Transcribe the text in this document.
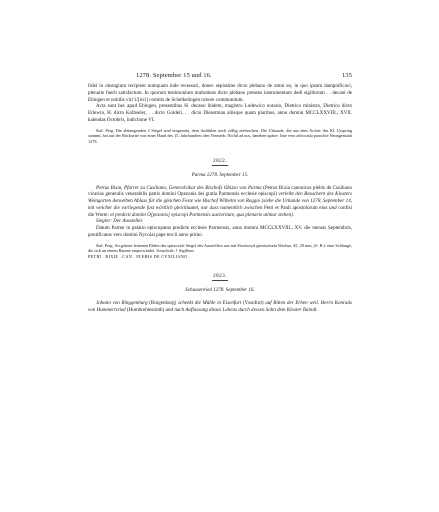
1278. September 15 und 16.	135

fidei in obstagium recipient numquam inde recessuri, donec sepissime dicto plebano de omni eo, in quo ipsum dampnificavi, plenarie fuerit satisfactum. In quorum testimonium multotiens dicto plebano presens instrumentum dedi sigillorum . . decani de Ebingen et nobilis viri U[rici] comitis de Schelkelingen robore communitum.

Acta sunt hec apud Ebingen, presentibus H. decano ibidem, magistro Lodewico notario, Dietrico ministro, Dietrico dicto Erlewin, H. dicto Kolbseler, . . dicto Goldeli, . . dicto Dienstman aliisque quam pluribus, anno domini MCCLXXVIII., XVII. kalendas Octobris, indictione VI.

Stal. Perg. Die abhangenden 2 Siegel sind eingenaht, dem Anfühlen nach völlig zerbrochen. Die Urkunde, die aus dem Archiv des Kl. Urspring stammt, hat auf der Rückseite von einer Hand des 15. Jahrhunderts den Vermerk: Nichil ad nos, daneben später: Ime vero advocatia parochie Neungenstatt 1278.

2822.

Parma 1278. September 15.

Petrus Bixia, Pfarrer zu Cusiliano, Generalvikar des Bischofs Obizzo von Parma (Petrus Bixia canonicus plebis de Cusiliano vicarius generalis venerabilis patris domini Opezonis dei gratia Parmensis ecclesie episcopi) verleiht den Besuchern des Klosters Weingarten denselben Ablass für die gleichen Feste wie Bischof Wilhelm von Reggio (siehe die Urkunde von 1278, September 14, mit welcher die vorliegende fast wörtlich gleichlautet, nur dass namentlich zwischen Petri et Pauli apostolorum eius und confisi die Worte: et predicti domini O[pezonis] episcopi Parmensis auctoritate, qua plenarie utimur stehen).

Siegler: Der Aussteller.

Datum Parme in palatio episcopatus predicte ecclesie Parmensis, anno domini MCCLXXVIII., XV. die mensis Septembris, pontificatus vero domini Nycolai pape tercii anno primo.

Stal. Perg. An grünen leinenen Fäden das spitzovale Siegel des Ausstellers aus mit Eisenoxyd gemischtem Wachse, 45, 29 mm, (S. B.): eine Schlange, die sich an einem Baume emporwindet. Umschrift: † Sigillum

PETRI . BIXIE . CAN . PLEBIS DE CVXILIANO.

2823.

Schussenried 1278. September 16.

Johann von Ringgenburg (Ringenburg) schenkt die Mühle in Eisenfurt (Yssnfurt) auf Bitten der Erben weil. Herrn Konrads von Hummertsried (Humbrehtesrieth) und nach Auflassung dieses Lehens durch dessen Sohn dem Kloster Baindt.
